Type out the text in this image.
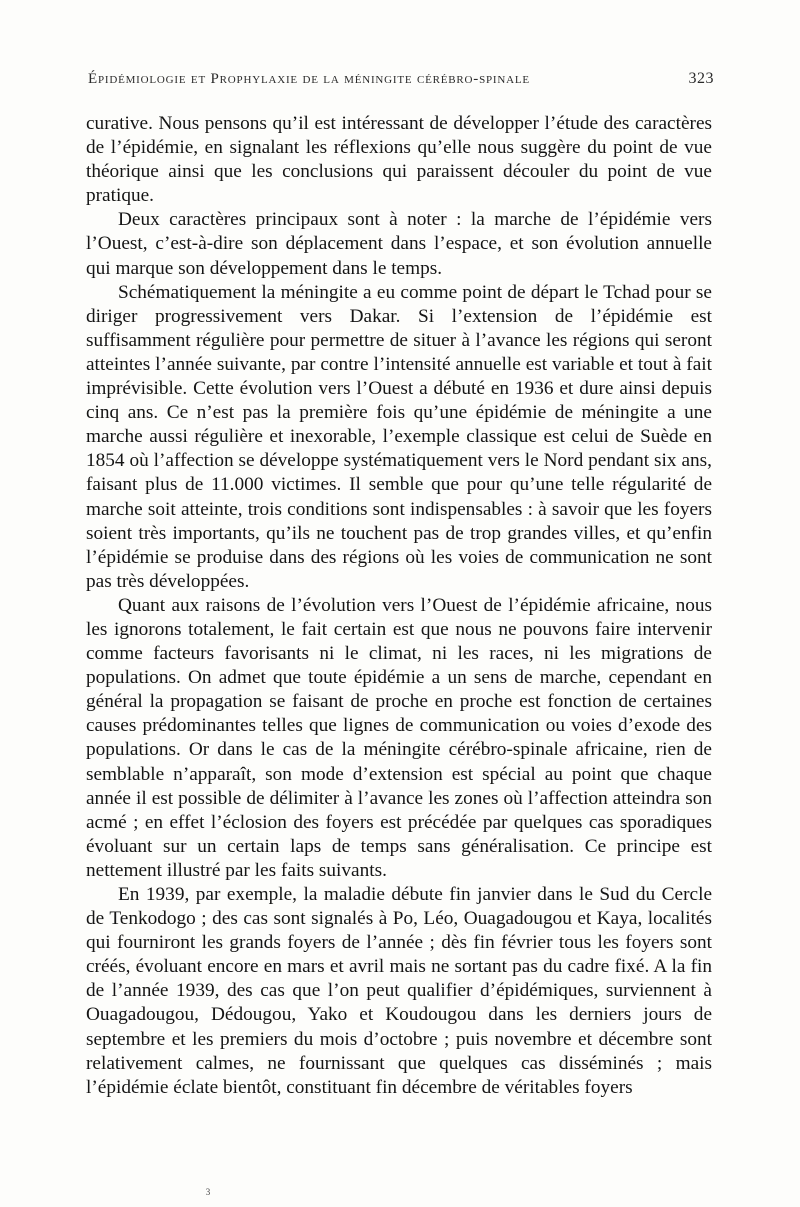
Épidémiologie et Prophylaxie de la méningite cérébro-spinale	323

curative. Nous pensons qu’il est intéressant de développer l’étude des caractères de l’épidémie, en signalant les réflexions qu’elle nous suggère du point de vue théorique ainsi que les conclusions qui paraissent découler du point de vue pratique.

Deux caractères principaux sont à noter : la marche de l’épidémie vers l’Ouest, c’est-à-dire son déplacement dans l’espace, et son évolution annuelle qui marque son développement dans le temps.

Schématiquement la méningite a eu comme point de départ le Tchad pour se diriger progressivement vers Dakar. Si l’extension de l’épidémie est suffisamment régulière pour permettre de situer à l’avance les régions qui seront atteintes l’année suivante, par contre l’intensité annuelle est variable et tout à fait imprévisible. Cette évolution vers l’Ouest a débuté en 1936 et dure ainsi depuis cinq ans. Ce n’est pas la première fois qu’une épidémie de méningite a une marche aussi régulière et inexorable, l’exemple classique est celui de Suède en 1854 où l’affection se développe systématiquement vers le Nord pendant six ans, faisant plus de 11.000 victimes. Il semble que pour qu’une telle régularité de marche soit atteinte, trois conditions sont indispensables : à savoir que les foyers soient très importants, qu’ils ne touchent pas de trop grandes villes, et qu’enfin l’épidémie se produise dans des régions où les voies de communication ne sont pas très développées.

Quant aux raisons de l’évolution vers l’Ouest de l’épidémie africaine, nous les ignorons totalement, le fait certain est que nous ne pouvons faire intervenir comme facteurs favorisants ni le climat, ni les races, ni les migrations de populations. On admet que toute épidémie a un sens de marche, cependant en général la propagation se faisant de proche en proche est fonction de certaines causes prédominantes telles que lignes de communication ou voies d’exode des populations. Or dans le cas de la méningite cérébro-spinale africaine, rien de semblable n’apparaît, son mode d’extension est spécial au point que chaque année il est possible de délimiter à l’avance les zones où l’affection atteindra son acmé ; en effet l’éclosion des foyers est précédée par quelques cas sporadiques évoluant sur un certain laps de temps sans généralisation. Ce principe est nettement illustré par les faits suivants.

En 1939, par exemple, la maladie débute fin janvier dans le Sud du Cercle de Tenkodogo ; des cas sont signalés à Po, Léo, Ouagadougou et Kaya, localités qui fourniront les grands foyers de l’année ; dès fin février tous les foyers sont créés, évoluant encore en mars et avril mais ne sortant pas du cadre fixé. A la fin de l’année 1939, des cas que l’on peut qualifier d’épidémiques, surviennent à Ouagadougou, Dédougou, Yako et Koudougou dans les derniers jours de septembre et les premiers du mois d’octobre ; puis novembre et décembre sont relativement calmes, ne fournissant que quelques cas disséminés ; mais l’épidémie éclate bientôt, constituant fin décembre de véritables foyers

3
